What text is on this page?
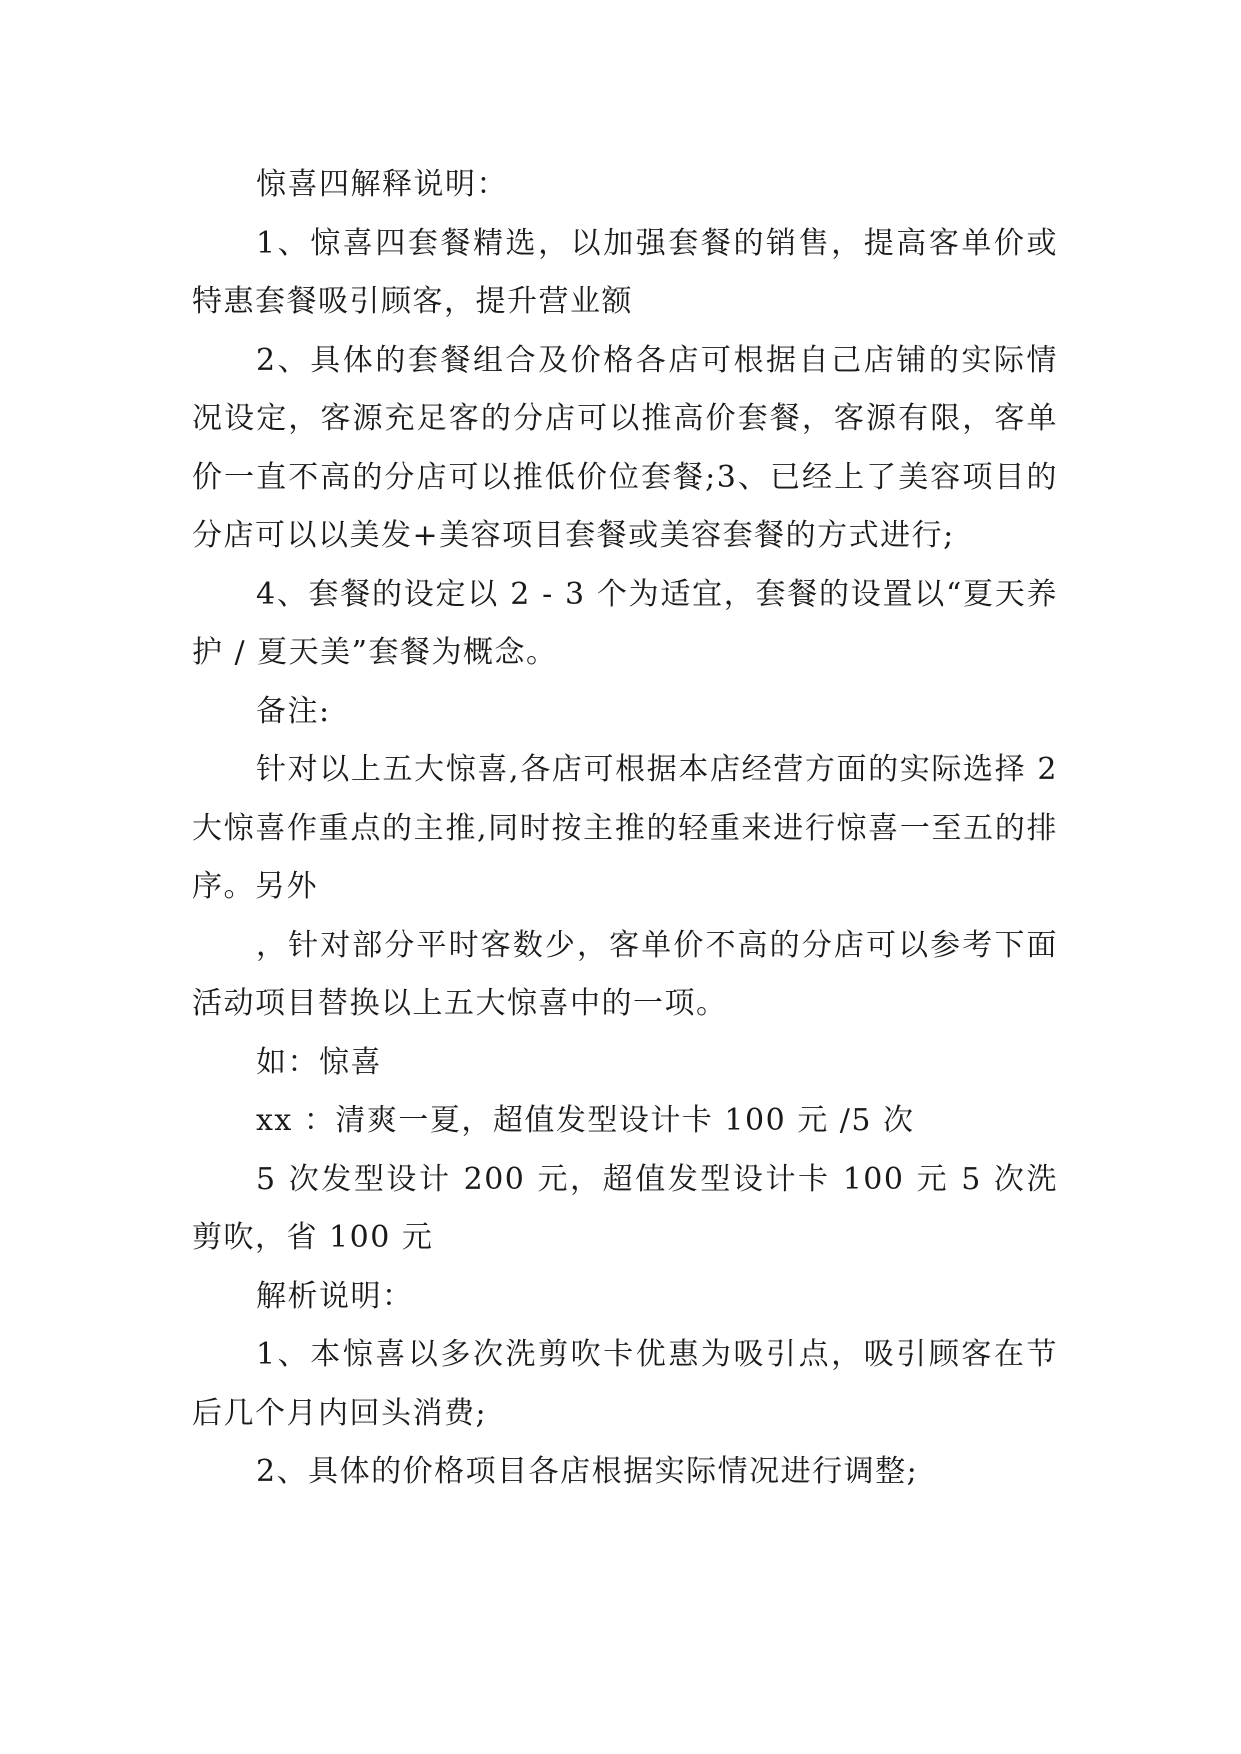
惊喜四解释说明：

1、惊喜四套餐精选，以加强套餐的销售，提高客单价或特惠套餐吸引顾客，提升营业额

2、具体的套餐组合及价格各店可根据自己店铺的实际情况设定，客源充足客的分店可以推高价套餐，客源有限，客单价一直不高的分店可以推低价位套餐;3、已经上了美容项目的分店可以以美发+美容项目套餐或美容套餐的方式进行;

4、套餐的设定以 2 - 3 个为适宜，套餐的设置以“夏天养护 / 夏天美”套餐为概念。

备注:

针对以上五大惊喜,各店可根据本店经营方面的实际选择 2大惊喜作重点的主推,同时按主推的轻重来进行惊喜一至五的排序。另外

，针对部分平时客数少，客单价不高的分店可以参考下面活动项目替换以上五大惊喜中的一项。

如：惊喜

xx ：清爽一夏，超值发型设计卡 100 元 /5 次

5 次发型设计 200 元，超值发型设计卡 100 元 5 次洗剪吹，省 100 元

解析说明：

1、本惊喜以多次洗剪吹卡优惠为吸引点，吸引顾客在节后几个月内回头消费;

2、具体的价格项目各店根据实际情况进行调整;
